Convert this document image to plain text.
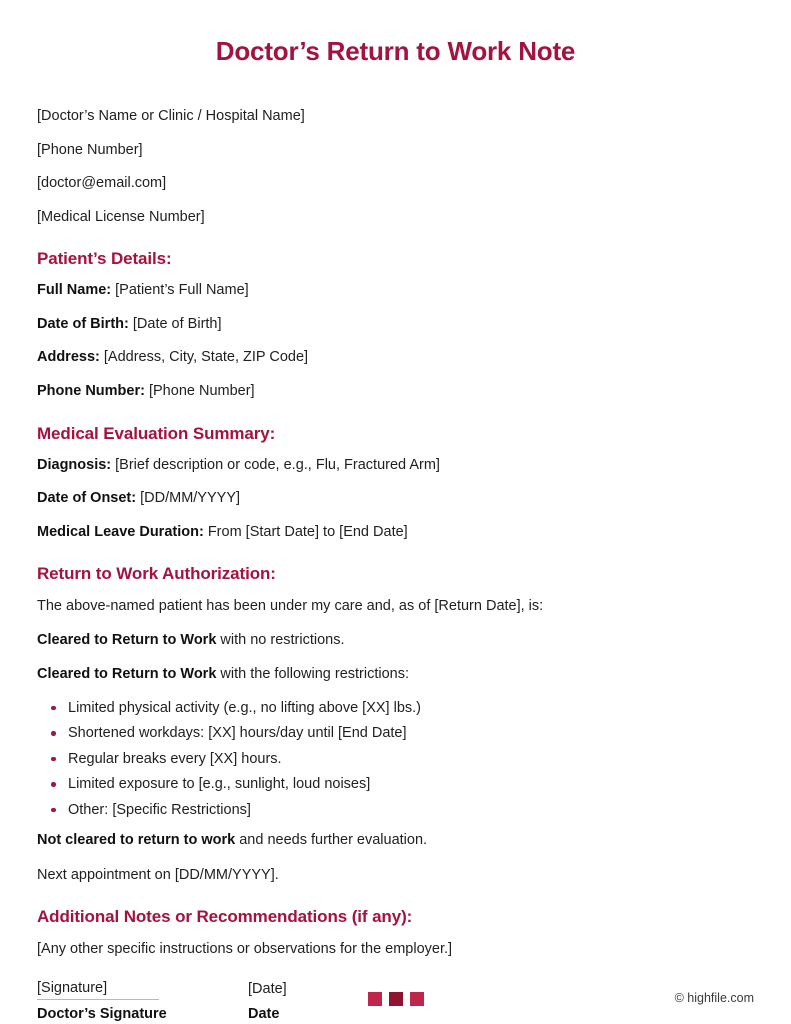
Doctor’s Return to Work Note
[Doctor’s Name or Clinic / Hospital Name]
[Phone Number]
[doctor@email.com]
[Medical License Number]
Patient’s Details:
Full Name: [Patient’s Full Name]
Date of Birth: [Date of Birth]
Address: [Address, City, State, ZIP Code]
Phone Number: [Phone Number]
Medical Evaluation Summary:
Diagnosis: [Brief description or code, e.g., Flu, Fractured Arm]
Date of Onset: [DD/MM/YYYY]
Medical Leave Duration: From [Start Date] to [End Date]
Return to Work Authorization:
The above-named patient has been under my care and, as of [Return Date], is:
Cleared to Return to Work with no restrictions.
Cleared to Return to Work with the following restrictions:
Limited physical activity (e.g., no lifting above [XX] lbs.)
Shortened workdays: [XX] hours/day until [End Date]
Regular breaks every [XX] hours.
Limited exposure to [e.g., sunlight, loud noises]
Other: [Specific Restrictions]
Not cleared to return to work and needs further evaluation.
Next appointment on [DD/MM/YYYY].
Additional Notes or Recommendations (if any):
[Any other specific instructions or observations for the employer.]
[Signature]	[Date]
Doctor’s Signature	Date
© highfile.com
